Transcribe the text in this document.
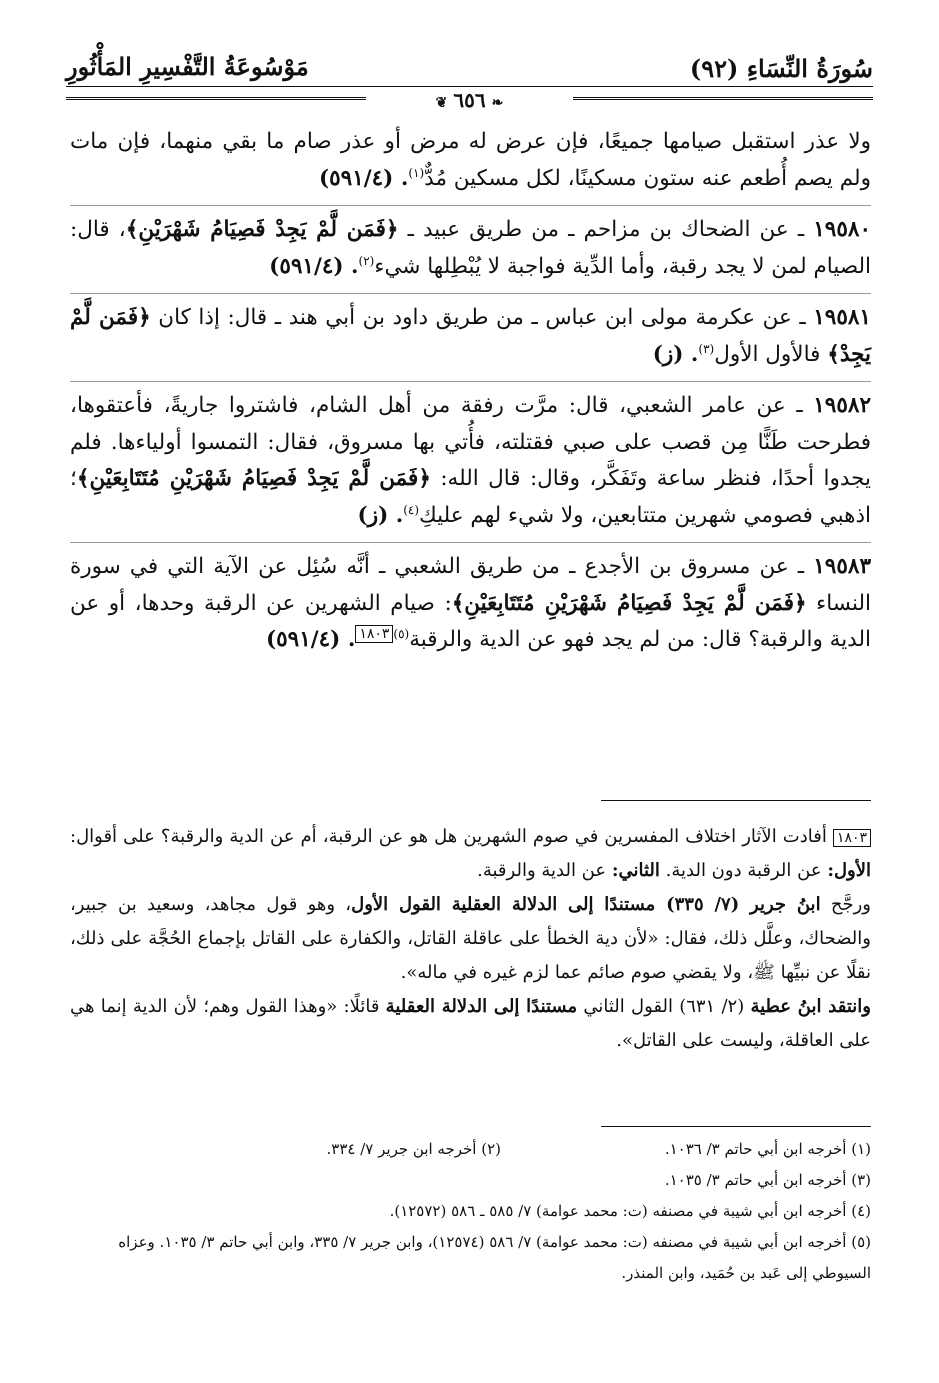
سُورَةُ النِّسَاءِ (٩٢)
مَوْسُوعَةُ التَّفْسِيرِ المَأْثُورِ
❧٦٥٦❦

ولا عذر استقبل صيامها جميعًا، فإن عرض له مرض أو عذر صام ما بقي منهما، فإن مات ولم يصم أُطعم عنه ستون مسكينًا، لكل مسكين مُدٌّ$^{(١)}$. (٥٩١/٤)

١٩٥٨٠ ـ عن الضحاك بن مزاحم ـ من طريق عبيد ـ ﴿فَمَن لَّمْ يَجِدْ فَصِيَامُ شَهْرَيْنِ﴾، قال: الصيام لمن لا يجد رقبة، وأما الدِّية فواجبة لا يُبْطِلها شيء$^{(٢)}$. (٥٩١/٤)

١٩٥٨١ ـ عن عكرمة مولى ابن عباس ـ من طريق داود بن أبي هند ـ قال: إذا كان ﴿فَمَن لَّمْ يَجِدْ﴾ فالأول الأول$^{(٣)}$. (ز)

١٩٥٨٢ ـ عن عامر الشعبي، قال: مرَّت رفقة من أهل الشام، فاشتروا جاريةً، فأعتقوها، فطرحت طَنًّا مِن قصب على صبي فقتلته، فأُتي بها مسروق، فقال: التمسوا أولياءها. فلم يجدوا أحدًا، فنظر ساعة وتَفَكَّر، وقال: قال الله: ﴿فَمَن لَّمْ يَجِدْ فَصِيَامُ شَهْرَيْنِ مُتَتَابِعَيْنِ﴾؛ اذهبي فصومي شهرين متتابعين، ولا شيء لهم عليكِ$^{(٤)}$. (ز)

١٩٥٨٣ ـ عن مسروق بن الأجدع ـ من طريق الشعبي ـ أنَّه سُئِل عن الآية التي في سورة النساء ﴿فَمَن لَّمْ يَجِدْ فَصِيَامُ شَهْرَيْنِ مُتَتَابِعَيْنِ﴾: صيام الشهرين عن الرقبة وحدها، أو عن الدية والرقبة؟ قال: من لم يجد فهو عن الدية والرقبة$^{(٥)١٨٠٣}$. (٥٩١/٤)

١٨٠٣ أفادت الآثار اختلاف المفسرين في صوم الشهرين هل هو عن الرقبة، أم عن الدية والرقبة؟ على أقوال: الأول: عن الرقبة دون الدية. الثاني: عن الدية والرقبة.

ورجَّح ابنُ جرير (٧/ ٣٣٥) مستندًا إلى الدلالة العقلية القول الأول، وهو قول مجاهد، وسعيد بن جبير، والضحاك، وعلَّل ذلك، فقال: «لأن دية الخطأ على عاقلة القاتل، والكفارة على القاتل بإجماع الحُجَّة على ذلك، نقلًا عن نبيِّها ﷺ، ولا يقضي صوم صائم عما لزم غيره في ماله».

وانتقد ابنُ عطية (٢/ ٦٣١) القول الثاني مستندًا إلى الدلالة العقلية قائلًا: «وهذا القول وهم؛ لأن الدية إنما هي على العاقلة، وليست على القاتل».

(١) أخرجه ابن أبي حاتم ٣/ ١٠٣٦.
(٢) أخرجه ابن جرير ٧/ ٣٣٤.

(٣) أخرجه ابن أبي حاتم ٣/ ١٠٣٥.

(٤) أخرجه ابن أبي شيبة في مصنفه (ت: محمد عوامة) ٧/ ٥٨٥ ـ ٥٨٦ (١٢٥٧٢).

(٥) أخرجه ابن أبي شيبة في مصنفه (ت: محمد عوامة) ٧/ ٥٨٦ (١٢٥٧٤)، وابن جرير ٧/ ٣٣٥، وابن أبي حاتم ٣/ ١٠٣٥. وعزاه السيوطي إلى عَبد بن حُمَيد، وابن المنذر.
